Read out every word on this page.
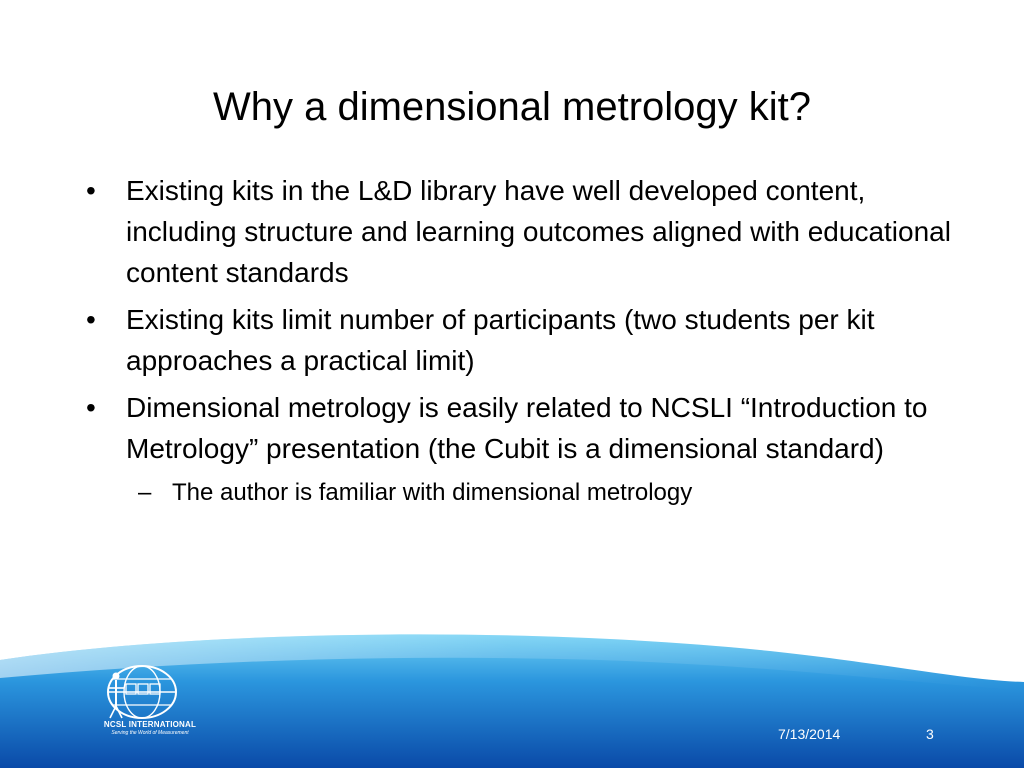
Why a dimensional metrology kit?
• Existing kits in the L&D library have well developed content, including structure and learning outcomes aligned with educational content standards
• Existing kits limit number of participants (two students per kit approaches a practical limit)
• Dimensional metrology is easily related to NCSLI “Introduction to Metrology” presentation (the Cubit is a dimensional standard)
– The author is familiar with dimensional metrology
NCSL INTERNATIONAL
Serving the World of Measurement	7/13/2014	3
